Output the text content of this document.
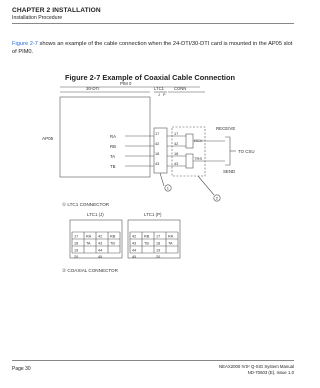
CHAPTER 2 INSTALLATION
Installation Procedure
Figure 2-7 shows an example of the cable connection when the 24-DTI/30-DTI card is mounted in the AP05 slot of PIM0.
Figure 2-7 Example of Coaxial Cable Connection
PIM 0
30-DTI	LTC1
J P
CONN
AP05	RA
RB
TA
TB
17
42
18
43
17
42
18
43
RCV
TRS
RECEIVE
TO CSU
SEND
1
2
① LTC1 CONNECTOR
LTC1 (J)	LTC1 (P)
17 RA 42 RB
18 TA 43 TB
19	44
20	45
42 RB 17 RA
43 TB 18 TA
44	19
45	20
② COAXIAL CONNECTOR
Page 30	NEAX2000 IVS² Q-SIG System Manual
ND-70603 (E), Issue 1.0
